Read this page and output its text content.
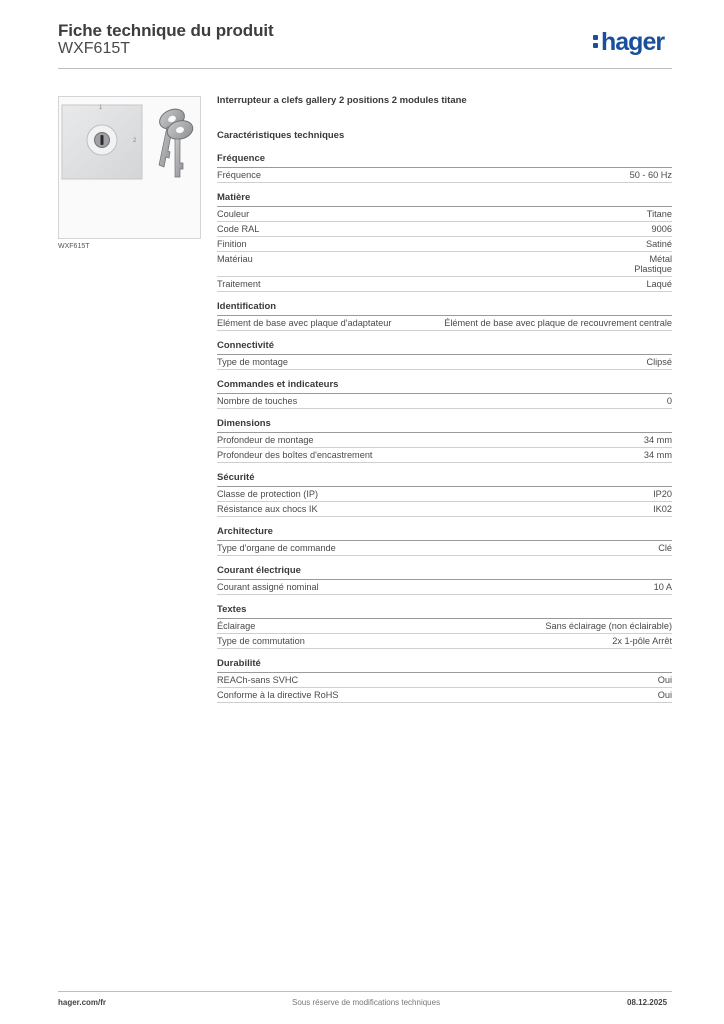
Fiche technique du produit
WXF615T	hager
1
2
WXF615T
Interrupteur a clefs gallery 2 positions 2 modules titane
Caractéristiques techniques
Fréquence
Fréquence	50 - 60 Hz
Matière
Couleur	Titane
Code RAL	9006
Finition	Satiné
Matériau	Métal
Plastique
Traitement	Laqué
Identification
Elément de base avec plaque d'adaptateur	Élément de base avec plaque de recouvrement centrale
Connectivité
Type de montage	Clipsé
Commandes et indicateurs
Nombre de touches	0
Dimensions
Profondeur de montage	34 mm
Profondeur des boîtes d'encastrement	34 mm
Sécurité
Classe de protection (IP)	IP20
Résistance aux chocs IK	IK02
Architecture
Type d'organe de commande	Clé
Courant électrique
Courant assigné nominal	10 A
Textes
Éclairage	Sans éclairage (non éclairable)
Type de commutation	2x 1-pôle Arrêt
Durabilité
REACh-sans SVHC	Oui
Conforme à la directive RoHS	Oui
hager.com/fr	Sous réserve de modifications techniques	08.12.2025
